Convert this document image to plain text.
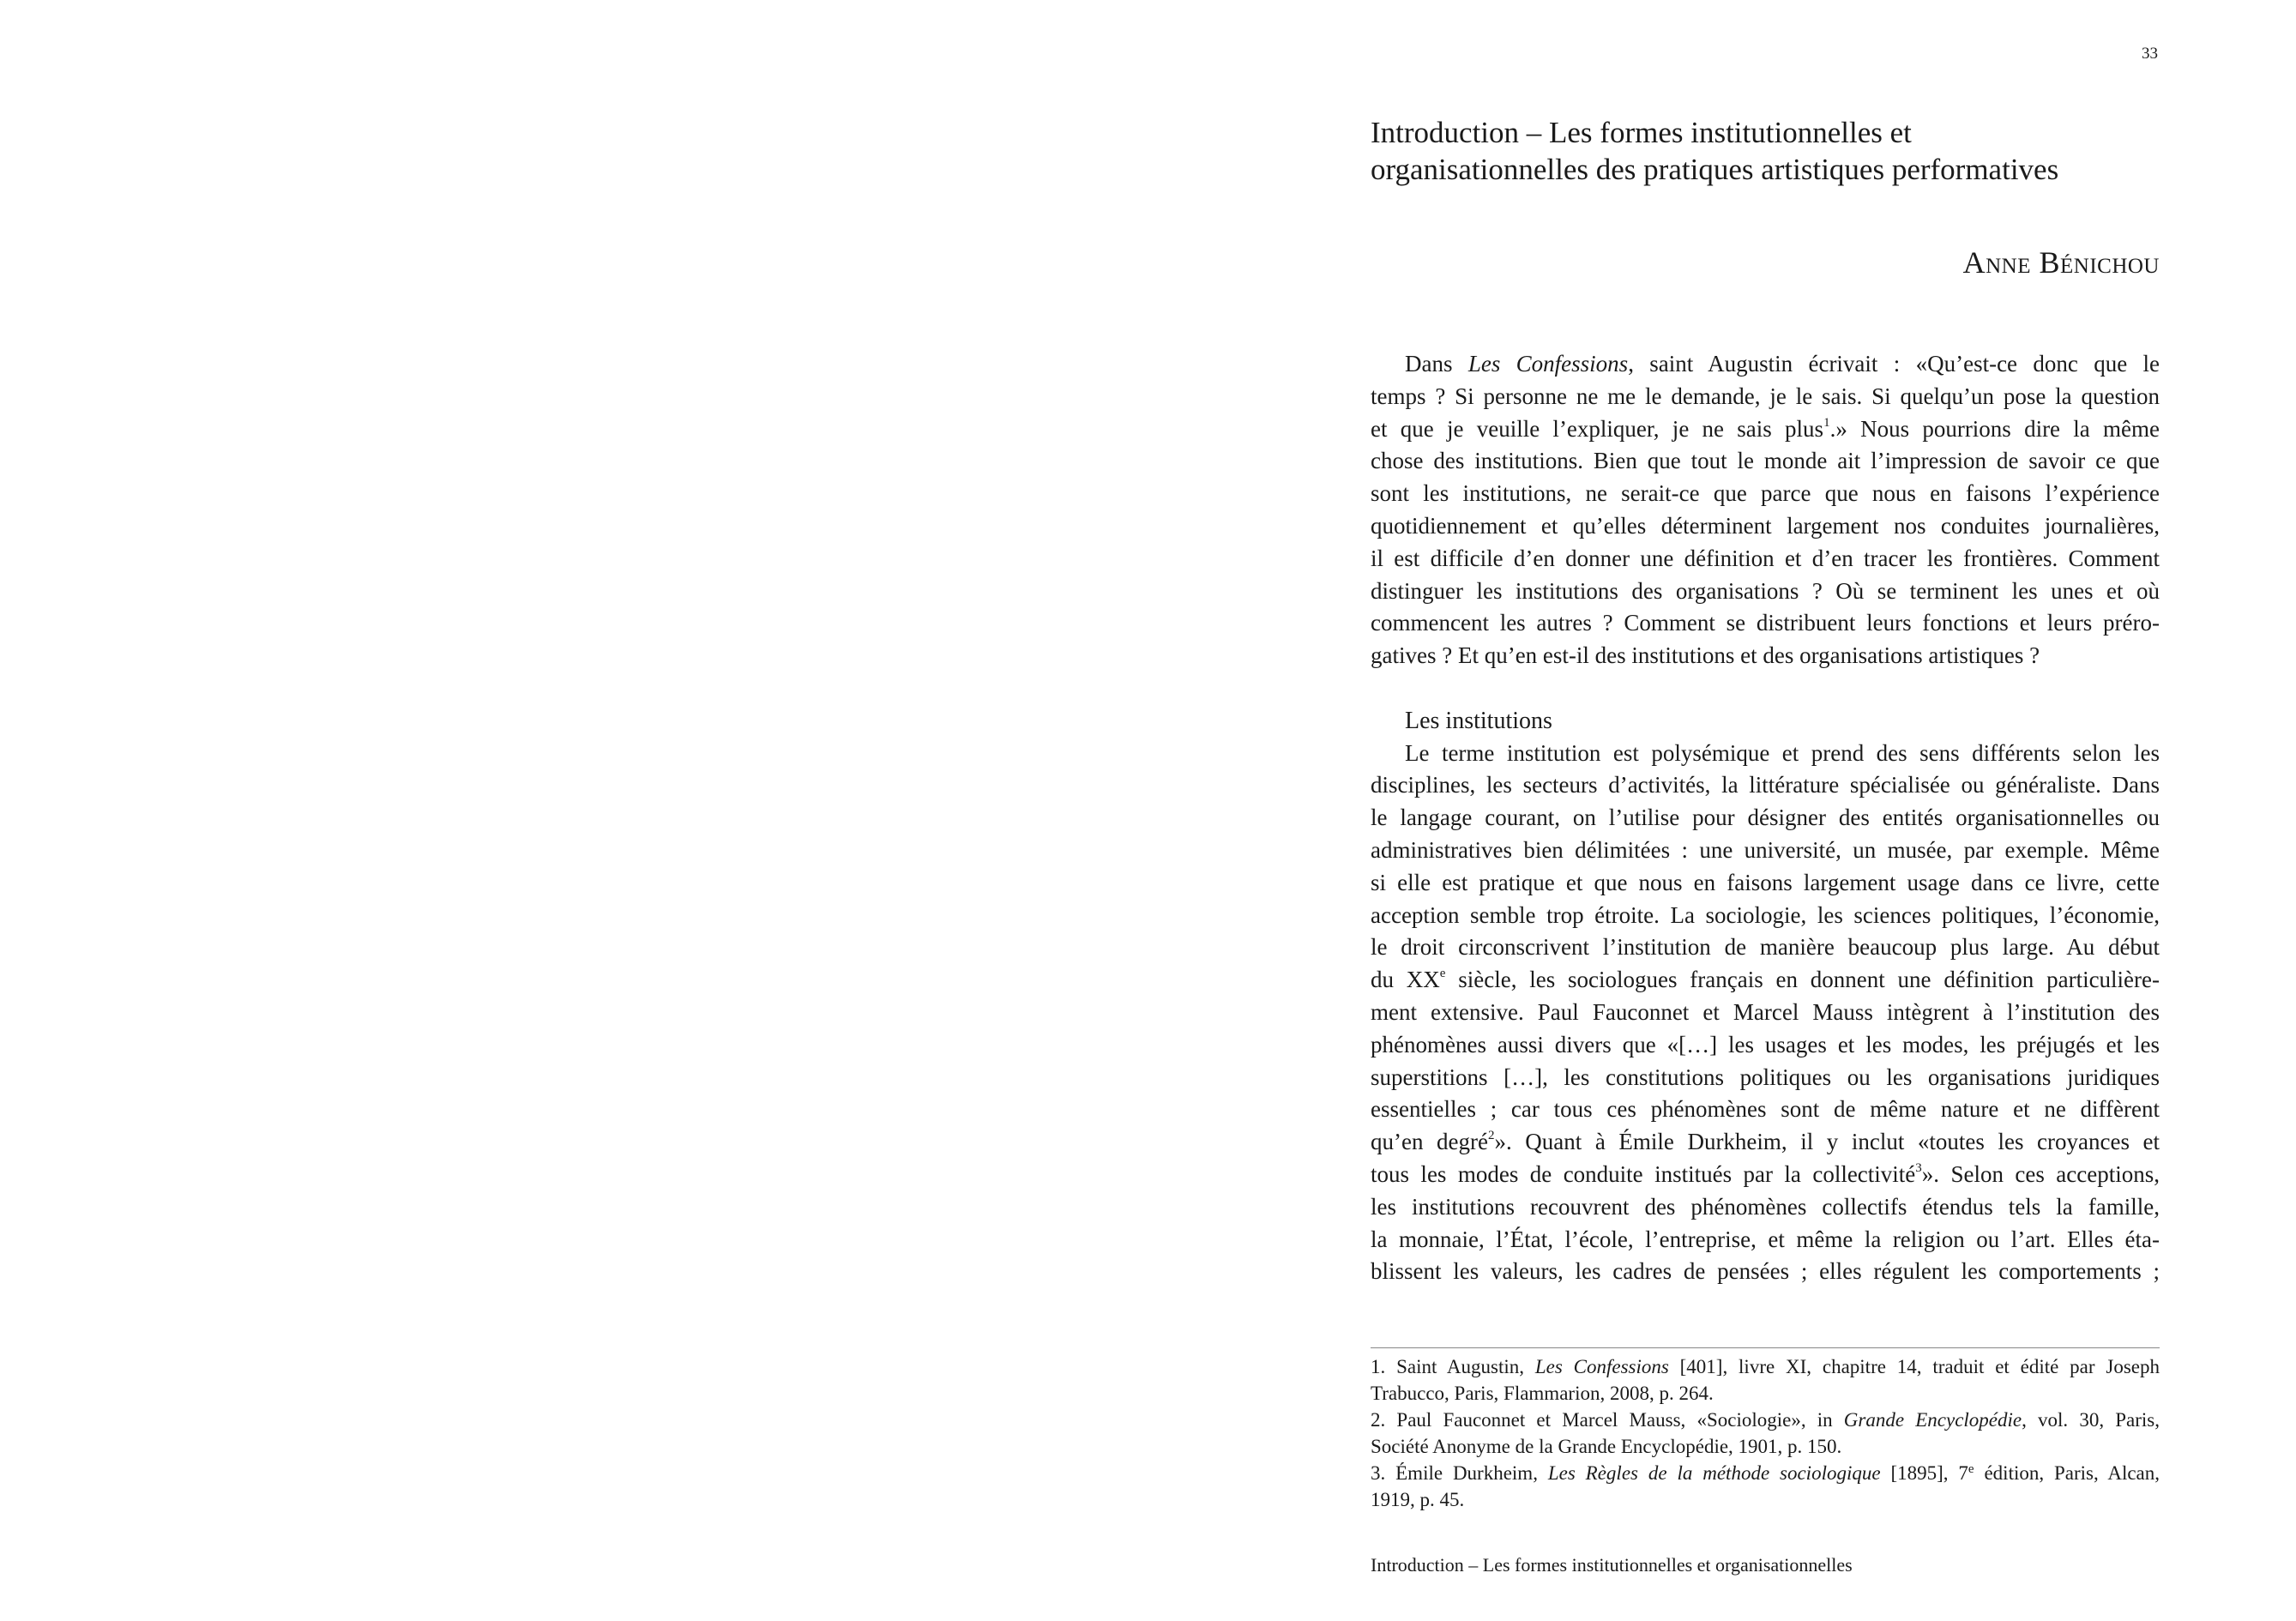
33
Introduction – Les formes institutionnelles et
organisationnelles des pratiques artistiques performatives
Anne Bénichou
Dans Les Confessions, saint Augustin écrivait : «Qu’est-ce donc que le
temps ? Si personne ne me le demande, je le sais. Si quelqu’un pose la question
et que je veuille l’expliquer, je ne sais plus$^1$.» Nous pourrions dire la même
chose des institutions. Bien que tout le monde ait l’impression de savoir ce que
sont les institutions, ne serait-ce que parce que nous en faisons l’expérience
quotidiennement et qu’elles déterminent largement nos conduites journalières,
il est difficile d’en donner une définition et d’en tracer les frontières. Comment
distinguer les institutions des organisations ? Où se terminent les unes et où
commencent les autres ? Comment se distribuent leurs fonctions et leurs préro-
gatives ? Et qu’en est-il des institutions et des organisations artistiques ?
Les institutions
Le terme institution est polysémique et prend des sens différents selon les
disciplines, les secteurs d’activités, la littérature spécialisée ou généraliste. Dans
le langage courant, on l’utilise pour désigner des entités organisationnelles ou
administratives bien délimitées : une université, un musée, par exemple. Même
si elle est pratique et que nous en faisons largement usage dans ce livre, cette
acception semble trop étroite. La sociologie, les sciences politiques, l’économie,
le droit circonscrivent l’institution de manière beaucoup plus large. Au début
du XXe siècle, les sociologues français en donnent une définition particulière-
ment extensive. Paul Fauconnet et Marcel Mauss intègrent à l’institution des
phénomènes aussi divers que «[…] les usages et les modes, les préjugés et les
superstitions […], les constitutions politiques ou les organisations juridiques
essentielles ; car tous ces phénomènes sont de même nature et ne diffèrent
qu’en degré$^2$». Quant à Émile Durkheim, il y inclut «toutes les croyances et
tous les modes de conduite institués par la collectivité$^3$». Selon ces acceptions,
les institutions recouvrent des phénomènes collectifs étendus tels la famille,
la monnaie, l’État, l’école, l’entreprise, et même la religion ou l’art. Elles éta-
blissent les valeurs, les cadres de pensées ; elles régulent les comportements ;
1. Saint Augustin, Les Confessions [401], livre XI, chapitre 14, traduit et édité par Joseph
Trabucco, Paris, Flammarion, 2008, p. 264.
2. Paul Fauconnet et Marcel Mauss, «Sociologie», in Grande Encyclopédie, vol. 30, Paris,
Société Anonyme de la Grande Encyclopédie, 1901, p. 150.
3. Émile Durkheim, Les Règles de la méthode sociologique [1895], 7e édition, Paris, Alcan,
1919, p. 45.
Introduction – Les formes institutionnelles et organisationnelles
